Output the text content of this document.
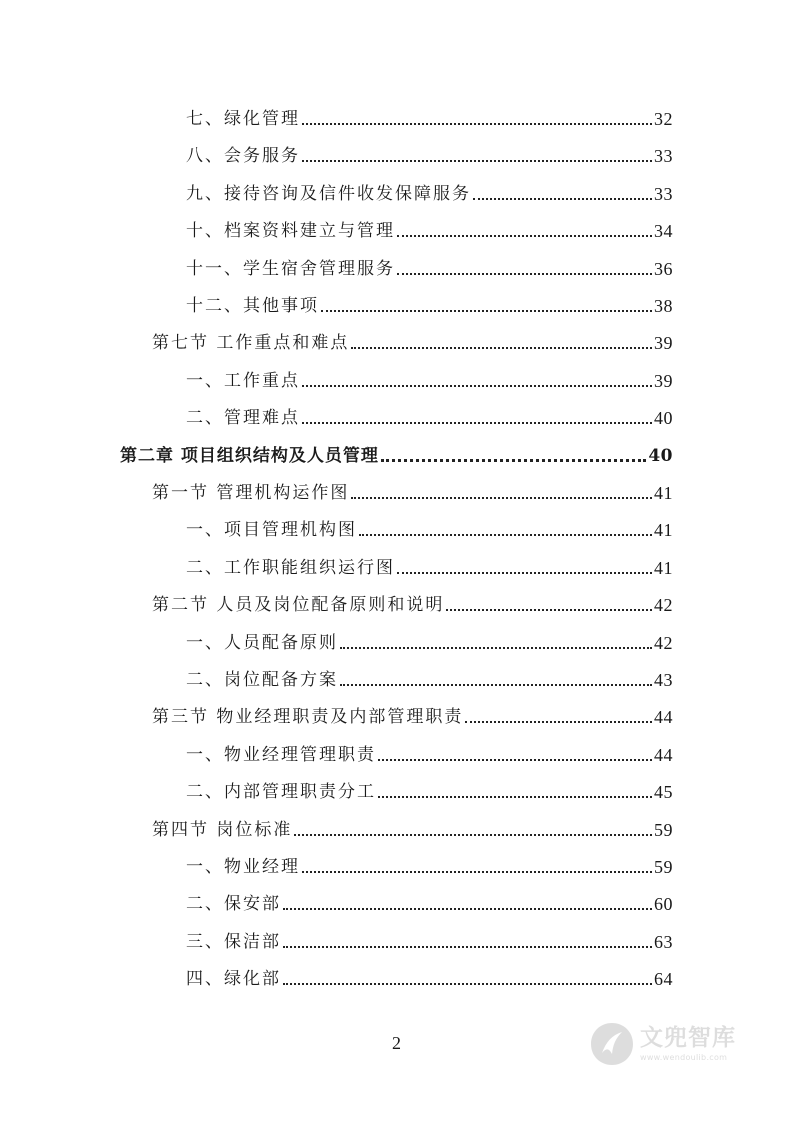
七、绿化管理	32
八、会务服务	33
九、接待咨询及信件收发保障服务	33
十、档案资料建立与管理	34
十一、学生宿舍管理服务	36
十二、其他事项	38
第七节 工作重点和难点	39
一、工作重点	39
二、管理难点	40
第二章 项目组织结构及人员管理	40
第一节 管理机构运作图	41
一、项目管理机构图	41
二、工作职能组织运行图	41
第二节 人员及岗位配备原则和说明	42
一、人员配备原则	42
二、岗位配备方案	43
第三节 物业经理职责及内部管理职责	44
一、物业经理管理职责	44
二、内部管理职责分工	45
第四节 岗位标准	59
一、物业经理	59
二、保安部	60
三、保洁部	63
四、绿化部	64
2	文兜智库
www.wendoulib.com
